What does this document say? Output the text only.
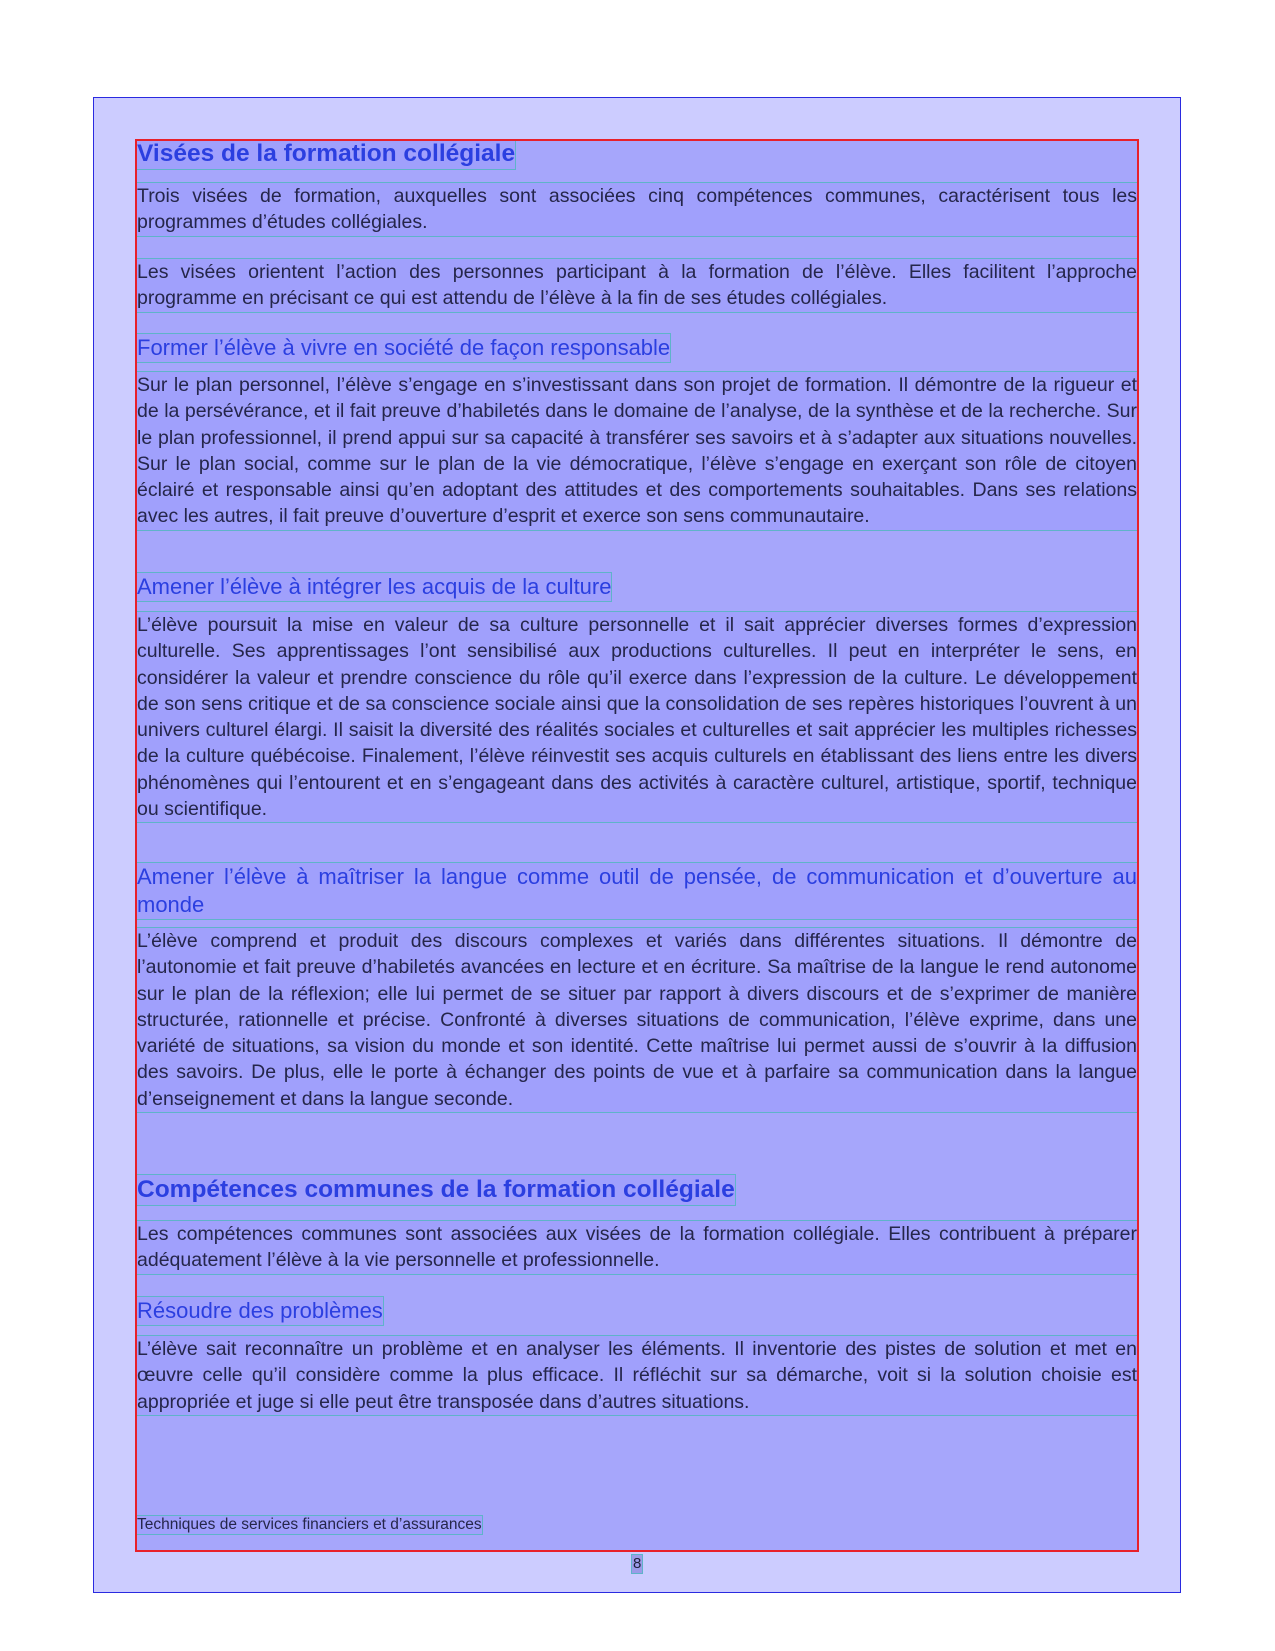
Visées de la formation collégiale

Trois visées de formation, auxquelles sont associées cinq compétences communes, caractérisent tous les programmes d’études collégiales.

Les visées orientent l’action des personnes participant à la formation de l’élève. Elles facilitent l’approche programme en précisant ce qui est attendu de l’élève à la fin de ses études collégiales.

Former l’élève à vivre en société de façon responsable

Sur le plan personnel, l’élève s’engage en s’investissant dans son projet de formation. Il démontre de la rigueur et de la persévérance, et il fait preuve d’habiletés dans le domaine de l’analyse, de la synthèse et de la recherche. Sur le plan professionnel, il prend appui sur sa capacité à transférer ses savoirs et à s’adapter aux situations nouvelles. Sur le plan social, comme sur le plan de la vie démocratique, l’élève s’engage en exerçant son rôle de citoyen éclairé et responsable ainsi qu’en adoptant des attitudes et des comportements souhaitables. Dans ses relations avec les autres, il fait preuve d’ouverture d’esprit et exerce son sens communautaire.

Amener l’élève à intégrer les acquis de la culture

L’élève poursuit la mise en valeur de sa culture personnelle et il sait apprécier diverses formes d’expression culturelle. Ses apprentissages l’ont sensibilisé aux productions culturelles. Il peut en interpréter le sens, en considérer la valeur et prendre conscience du rôle qu’il exerce dans l’expression de la culture. Le développement de son sens critique et de sa conscience sociale ainsi que la consolidation de ses repères historiques l’ouvrent à un univers culturel élargi. Il saisit la diversité des réalités sociales et culturelles et sait apprécier les multiples richesses de la culture québécoise. Finalement, l’élève réinvestit ses acquis culturels en établissant des liens entre les divers phénomènes qui l’entourent et en s’engageant dans des activités à caractère culturel, artistique, sportif, technique ou scientifique.

Amener l’élève à maîtriser la langue comme outil de pensée, de communication et d’ouverture au monde

L’élève comprend et produit des discours complexes et variés dans différentes situations. Il démontre de l’autonomie et fait preuve d’habiletés avancées en lecture et en écriture. Sa maîtrise de la langue le rend autonome sur le plan de la réflexion; elle lui permet de se situer par rapport à divers discours et de s’exprimer de manière structurée, rationnelle et précise. Confronté à diverses situations de communication, l’élève exprime, dans une variété de situations, sa vision du monde et son identité. Cette maîtrise lui permet aussi de s’ouvrir à la diffusion des savoirs. De plus, elle le porte à échanger des points de vue et à parfaire sa communication dans la langue d’enseignement et dans la langue seconde.

Compétences communes de la formation collégiale

Les compétences communes sont associées aux visées de la formation collégiale. Elles contribuent à préparer adéquatement l’élève à la vie personnelle et professionnelle.

Résoudre des problèmes

L’élève sait reconnaître un problème et en analyser les éléments. Il inventorie des pistes de solution et met en œuvre celle qu’il considère comme la plus efficace. Il réfléchit sur sa démarche, voit si la solution choisie est appropriée et juge si elle peut être transposée dans d’autres situations.

Techniques de services financiers et d’assurances
8
